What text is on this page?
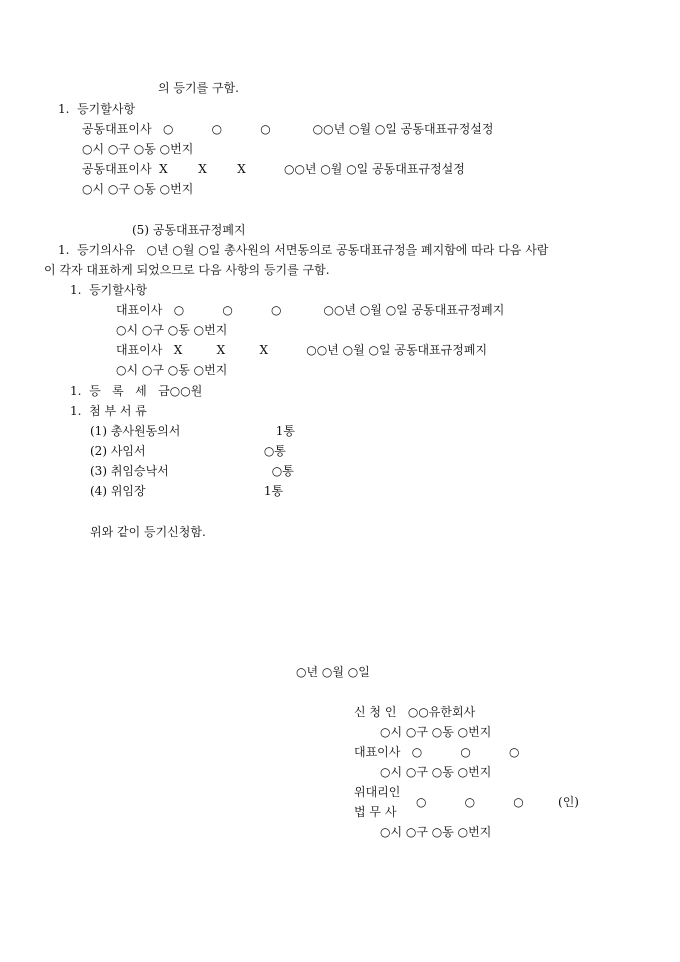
의 등기를 구함.
1.  등기할사항
공동대표이사   ○          ○          ○           ○○년 ○월 ○일 공동대표규정설정
○시 ○구 ○동 ○번지
공동대표이사  X        X        X          ○○년 ○월 ○일 공동대표규정설정
○시 ○구 ○동 ○번지
(5) 공동대표규정폐지
1.  등기의사유   ○년 ○월 ○일 총사원의 서면동의로 공동대표규정을 폐지함에 따라 다음 사람
이 각자 대표하게 되었으므로 다음 사항의 등기를 구함.
1.  등기할사항
대표이사   ○          ○          ○           ○○년 ○월 ○일 공동대표규정폐지
○시 ○구 ○동 ○번지
대표이사   X         X         X          ○○년 ○월 ○일 공동대표규정폐지
○시 ○구 ○동 ○번지
1.  등   록   세   금○○원
1.  첨 부 서 류
(1) 총사원동의서                         1통
(2) 사임서                               ○통
(3) 취임승낙서                           ○통
(4) 위임장                               1통
위와 같이 등기신청함.
○년 ○월 ○일
신 청 인   ○○유한회사
○시 ○구 ○동 ○번지
대표이사   ○          ○          ○
○시 ○구 ○동 ○번지
위대리인
○          ○          ○         (인)
법 무 사
○시 ○구 ○동 ○번지
